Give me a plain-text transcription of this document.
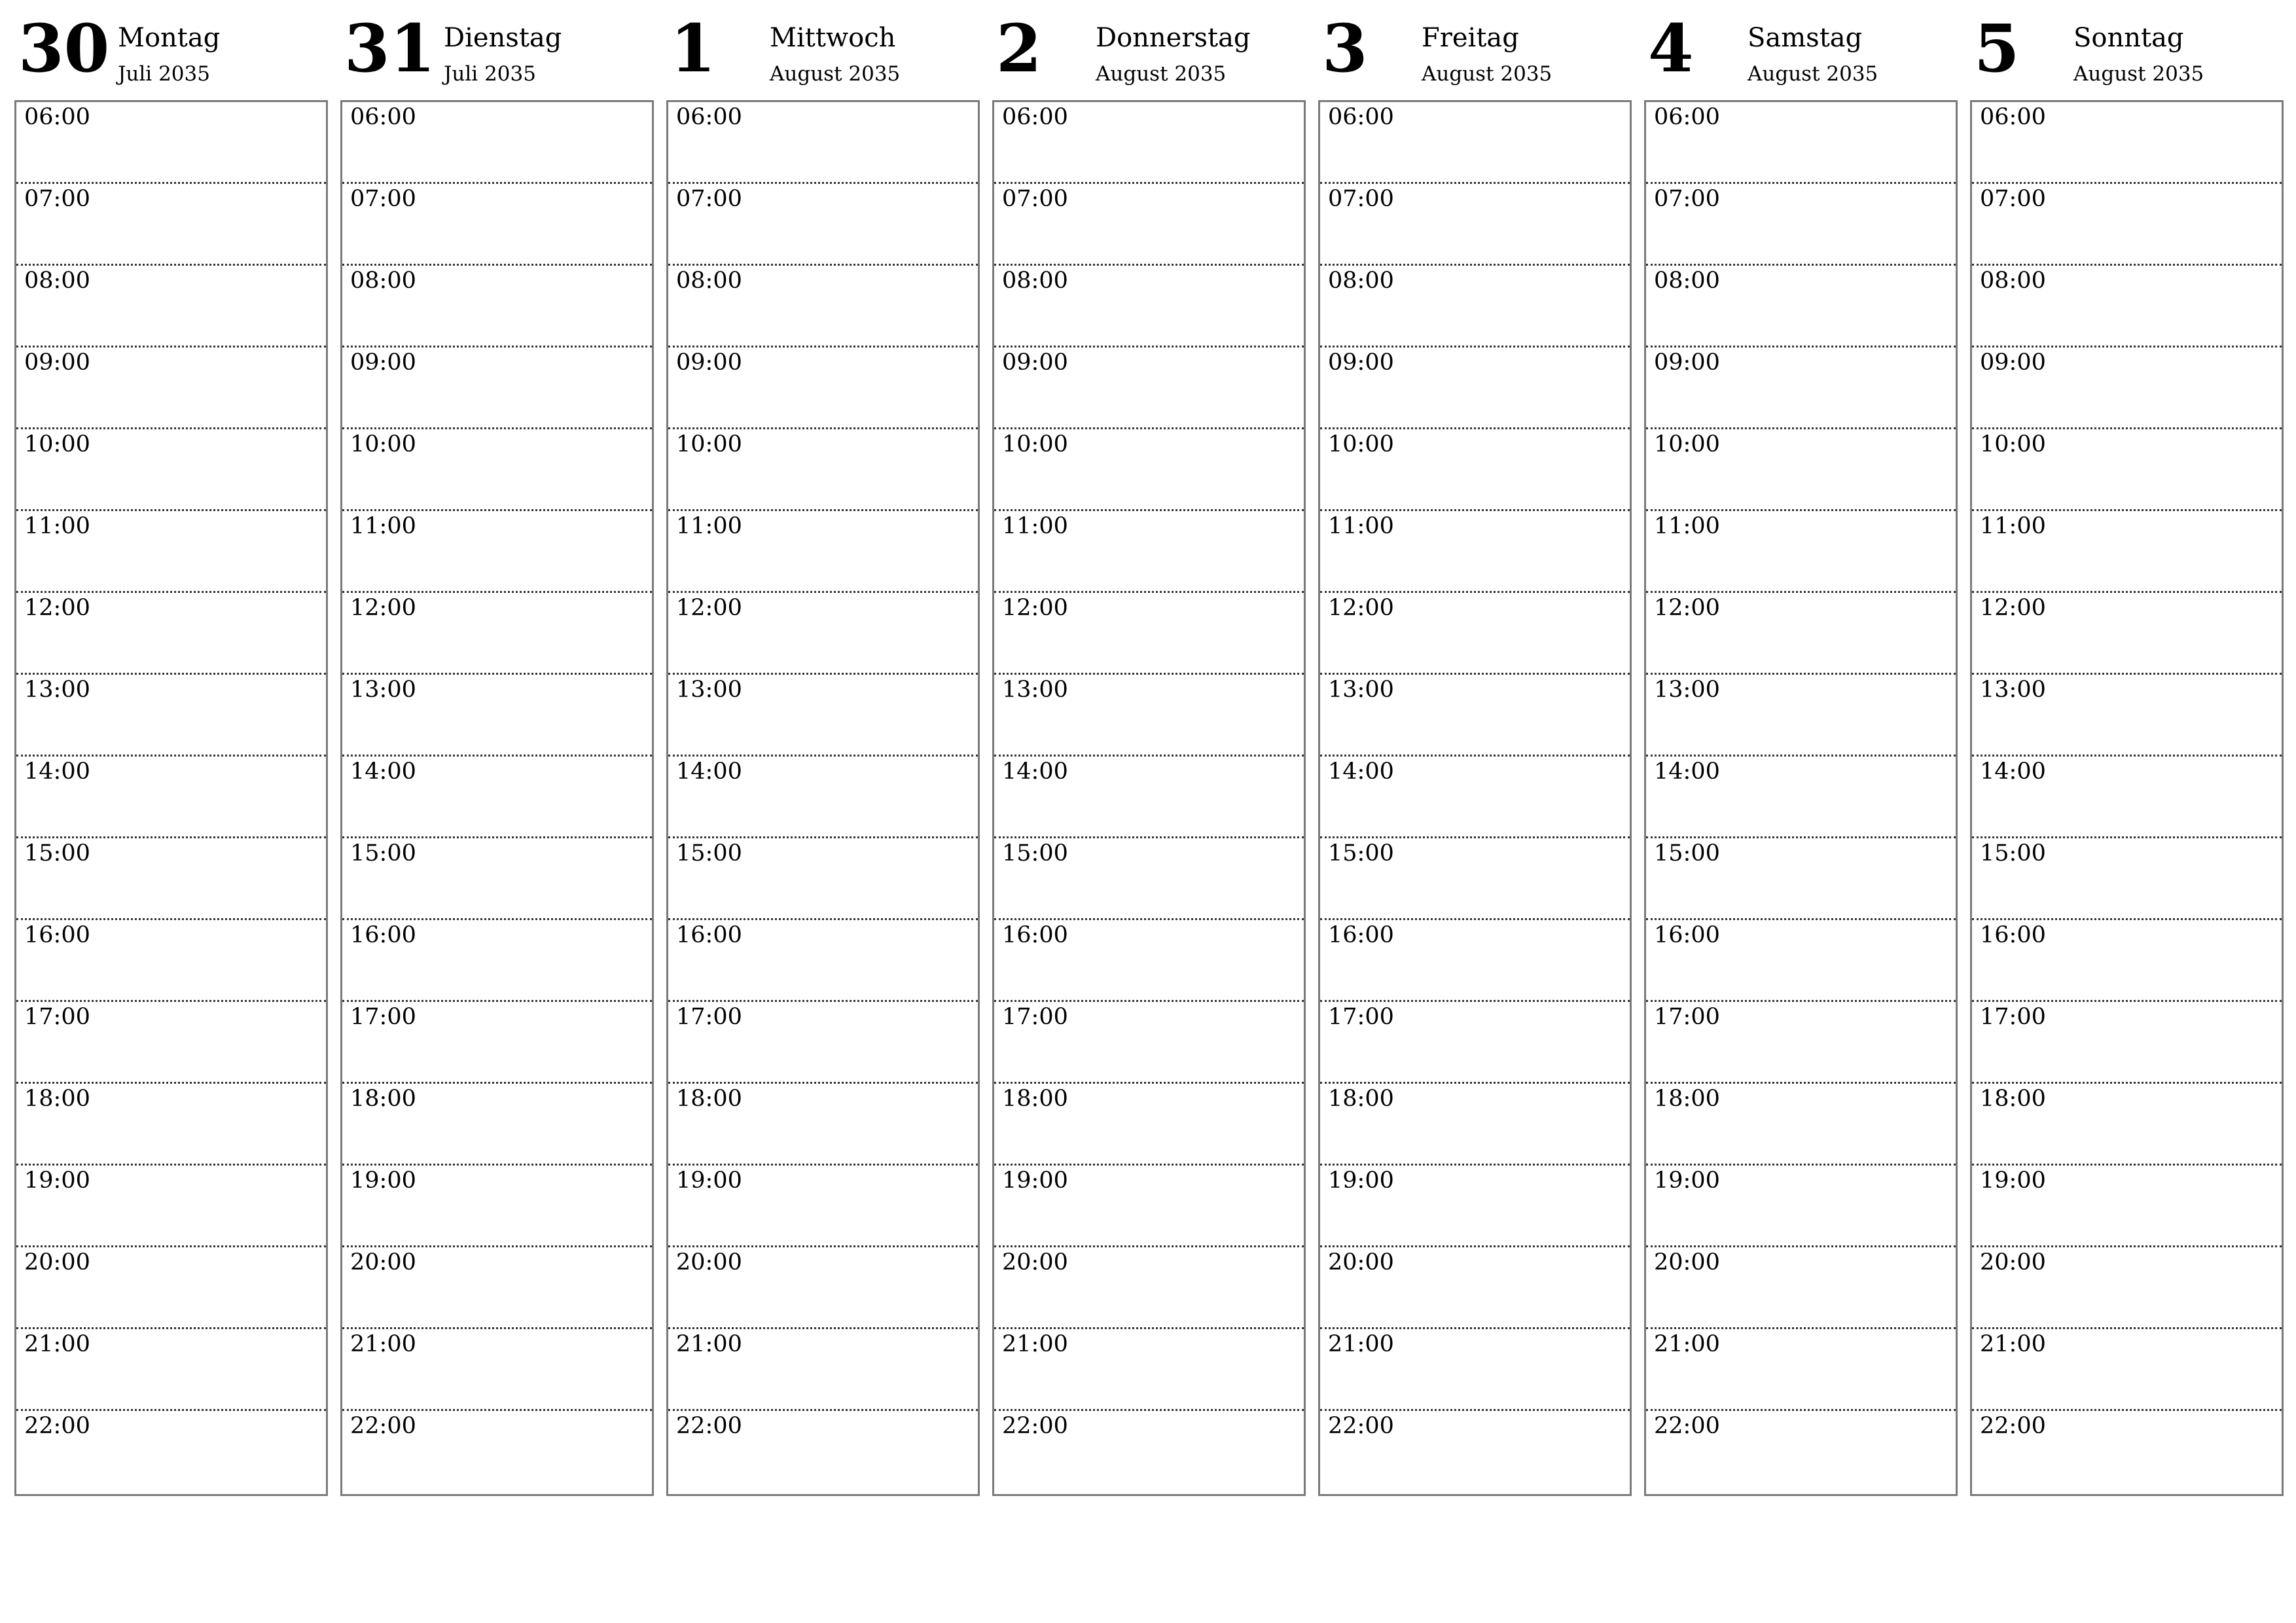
30 Montag
Juli 2035
06:00
07:00
08:00
09:00
10:00
11:00
12:00
13:00
14:00
15:00
16:00
17:00
18:00
19:00
20:00
21:00
22:00
31 Dienstag
Juli 2035
06:00
07:00
08:00
09:00
10:00
11:00
12:00
13:00
14:00
15:00
16:00
17:00
18:00
19:00
20:00
21:00
22:00
1 Mittwoch
August 2035
06:00
07:00
08:00
09:00
10:00
11:00
12:00
13:00
14:00
15:00
16:00
17:00
18:00
19:00
20:00
21:00
22:00
2 Donnerstag
August 2035
06:00
07:00
08:00
09:00
10:00
11:00
12:00
13:00
14:00
15:00
16:00
17:00
18:00
19:00
20:00
21:00
22:00
3 Freitag
August 2035
06:00
07:00
08:00
09:00
10:00
11:00
12:00
13:00
14:00
15:00
16:00
17:00
18:00
19:00
20:00
21:00
22:00
4 Samstag
August 2035
06:00
07:00
08:00
09:00
10:00
11:00
12:00
13:00
14:00
15:00
16:00
17:00
18:00
19:00
20:00
21:00
22:00
5 Sonntag
August 2035
06:00
07:00
08:00
09:00
10:00
11:00
12:00
13:00
14:00
15:00
16:00
17:00
18:00
19:00
20:00
21:00
22:00
